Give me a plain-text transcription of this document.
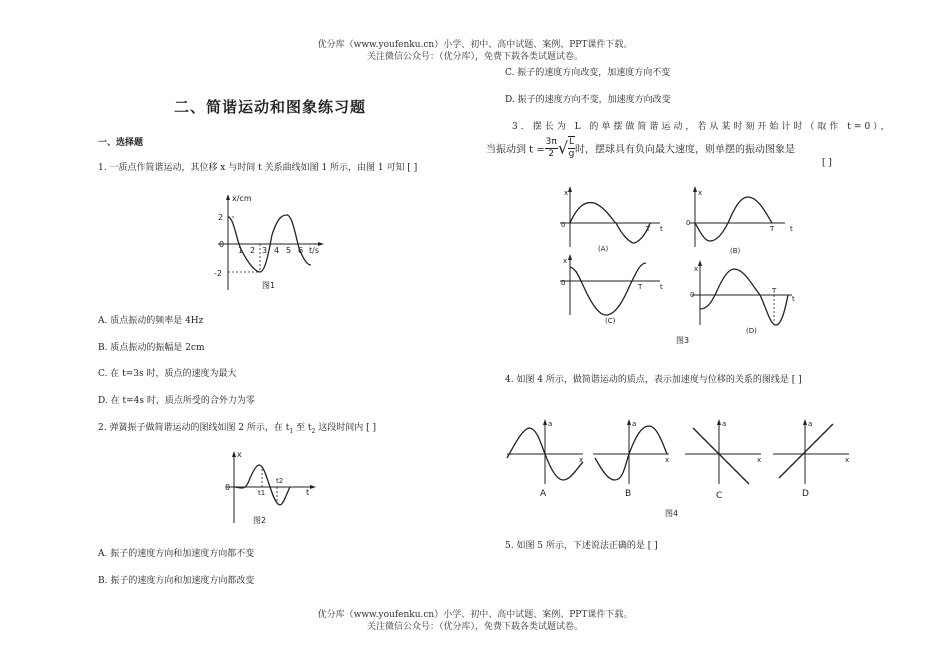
优分库（www.youfenku.cn）小学、初中、高中试题、案例、PPT课件下载。
关注微信公众号：（优分库），免费下载各类试题试卷。
二、简谐运动和图象练习题
一、选择题
1. 一质点作简谐运动，其位移 x 与时间 t 关系曲线如图 1 所示，由图 1 可知 [ ]
x/cm
2
0
-2
1 2 3 4 5 6 t/s
图1
A. 质点振动的频率是 4Hz
B. 质点振动的振幅是 2cm
C. 在 t=3s 时，质点的速度为最大
D. 在 t=4s 时，质点所受的合外力为零
2. 弹簧振子做简谐运动的图线如图 2 所示，在 $t_1$ 至 $t_2$ 这段时间内 [ ]
x
0
t1
t2
t
图2
A. 振子的速度方向和加速度方向都不变
B. 振子的速度方向和加速度方向都改变
C. 振子的速度方向改变，加速度方向不变
D. 振子的速度方向不变，加速度方向改变
3．摆长为 L 的单摆做简谐运动，若从某时刻开始计时（取作 t=0），
当振动到 $t = \frac{3\pi}{2}√ \frac{L}{g}$时，摆球具有负向最大速度，则单摆的振动图象是
[ ]
x
0	t
T
(A)
x
0
T t
(B)
x
0	T	t
(C)
x
0	T
t
(D)
图3
4. 如图 4 所示，做简谐运动的质点，表示加速度与位移的关系的图线是 [ ]
a
x
A
a
x
B
a
x
C
a
x
D
图4
5. 如图 5 所示，下述说法正确的是 [ ]
优分库（www.youfenku.cn）小学、初中、高中试题、案例、PPT课件下载。
关注微信公众号：（优分库），免费下载各类试题试卷。
